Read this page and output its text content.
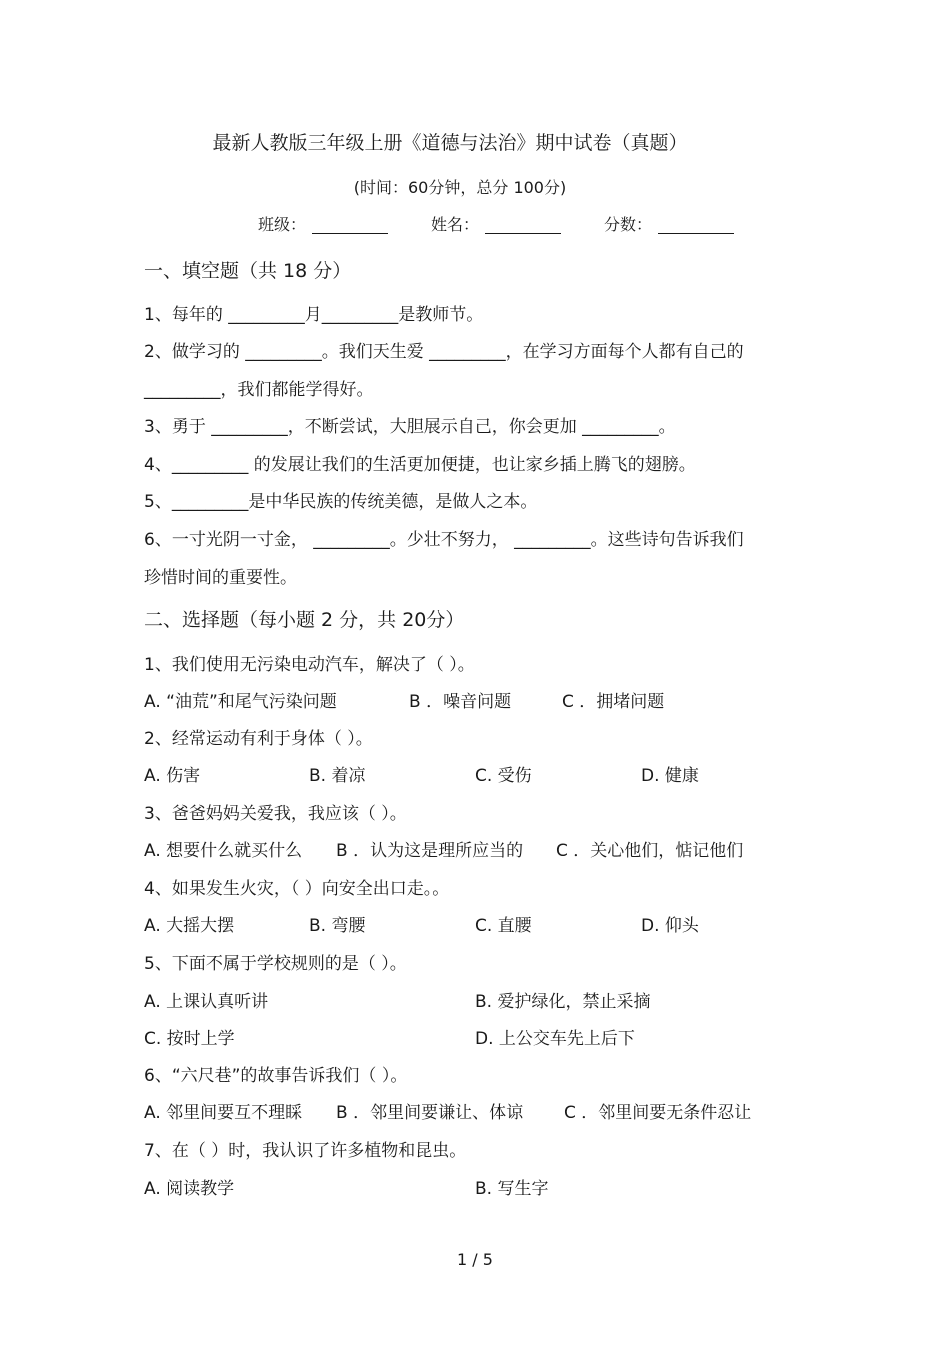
最新人教版三年级上册《道德与法治》期中试卷（真题）
(时间：60分钟，总分 100分)
班级：	姓名：	分数：
一、填空题（共 18 分）
1、每年的 _________月_________是教师节。
2、做学习的 _________。我们天生爱 _________，在学习方面每个人都有自己的
_________，我们都能学得好。
3、勇于 _________，不断尝试，大胆展示自己，你会更加 _________。
4、_________ 的发展让我们的生活更加便捷，也让家乡插上腾飞的翅膀。
5、_________是中华民族的传统美德，是做人之本。
6、一寸光阴一寸金， _________。少壮不努力， _________。这些诗句告诉我们
珍惜时间的重要性。
二、选择题（每小题 2 分，共 20分）
1、我们使用无污染电动汽车，解决了（ ）。
A. “油荒”和尾气污染问题	B ．噪音问题	C ．拥堵问题
2、经常运动有利于身体（ ）。
A. 伤害	B. 着凉	C. 受伤	D. 健康
3、爸爸妈妈关爱我，我应该（ ）。
A. 想要什么就买什么 B ．认为这是理所应当的 C ．关心他们，惦记他们
4、如果发生火灾，（ ）向安全出口走。。
A. 大摇大摆	B. 弯腰	C. 直腰	D. 仰头
5、下面不属于学校规则的是（ ）。
A. 上课认真听讲	B. 爱护绿化，禁止采摘
C. 按时上学	D. 上公交车先上后下
6、“六尺巷”的故事告诉我们（ ）。
A. 邻里间要互不理睬 B ．邻里间要谦让、体谅 C ．邻里间要无条件忍让
7、在（ ）时，我认识了许多植物和昆虫。
A. 阅读教学	B. 写生字
1 / 5
